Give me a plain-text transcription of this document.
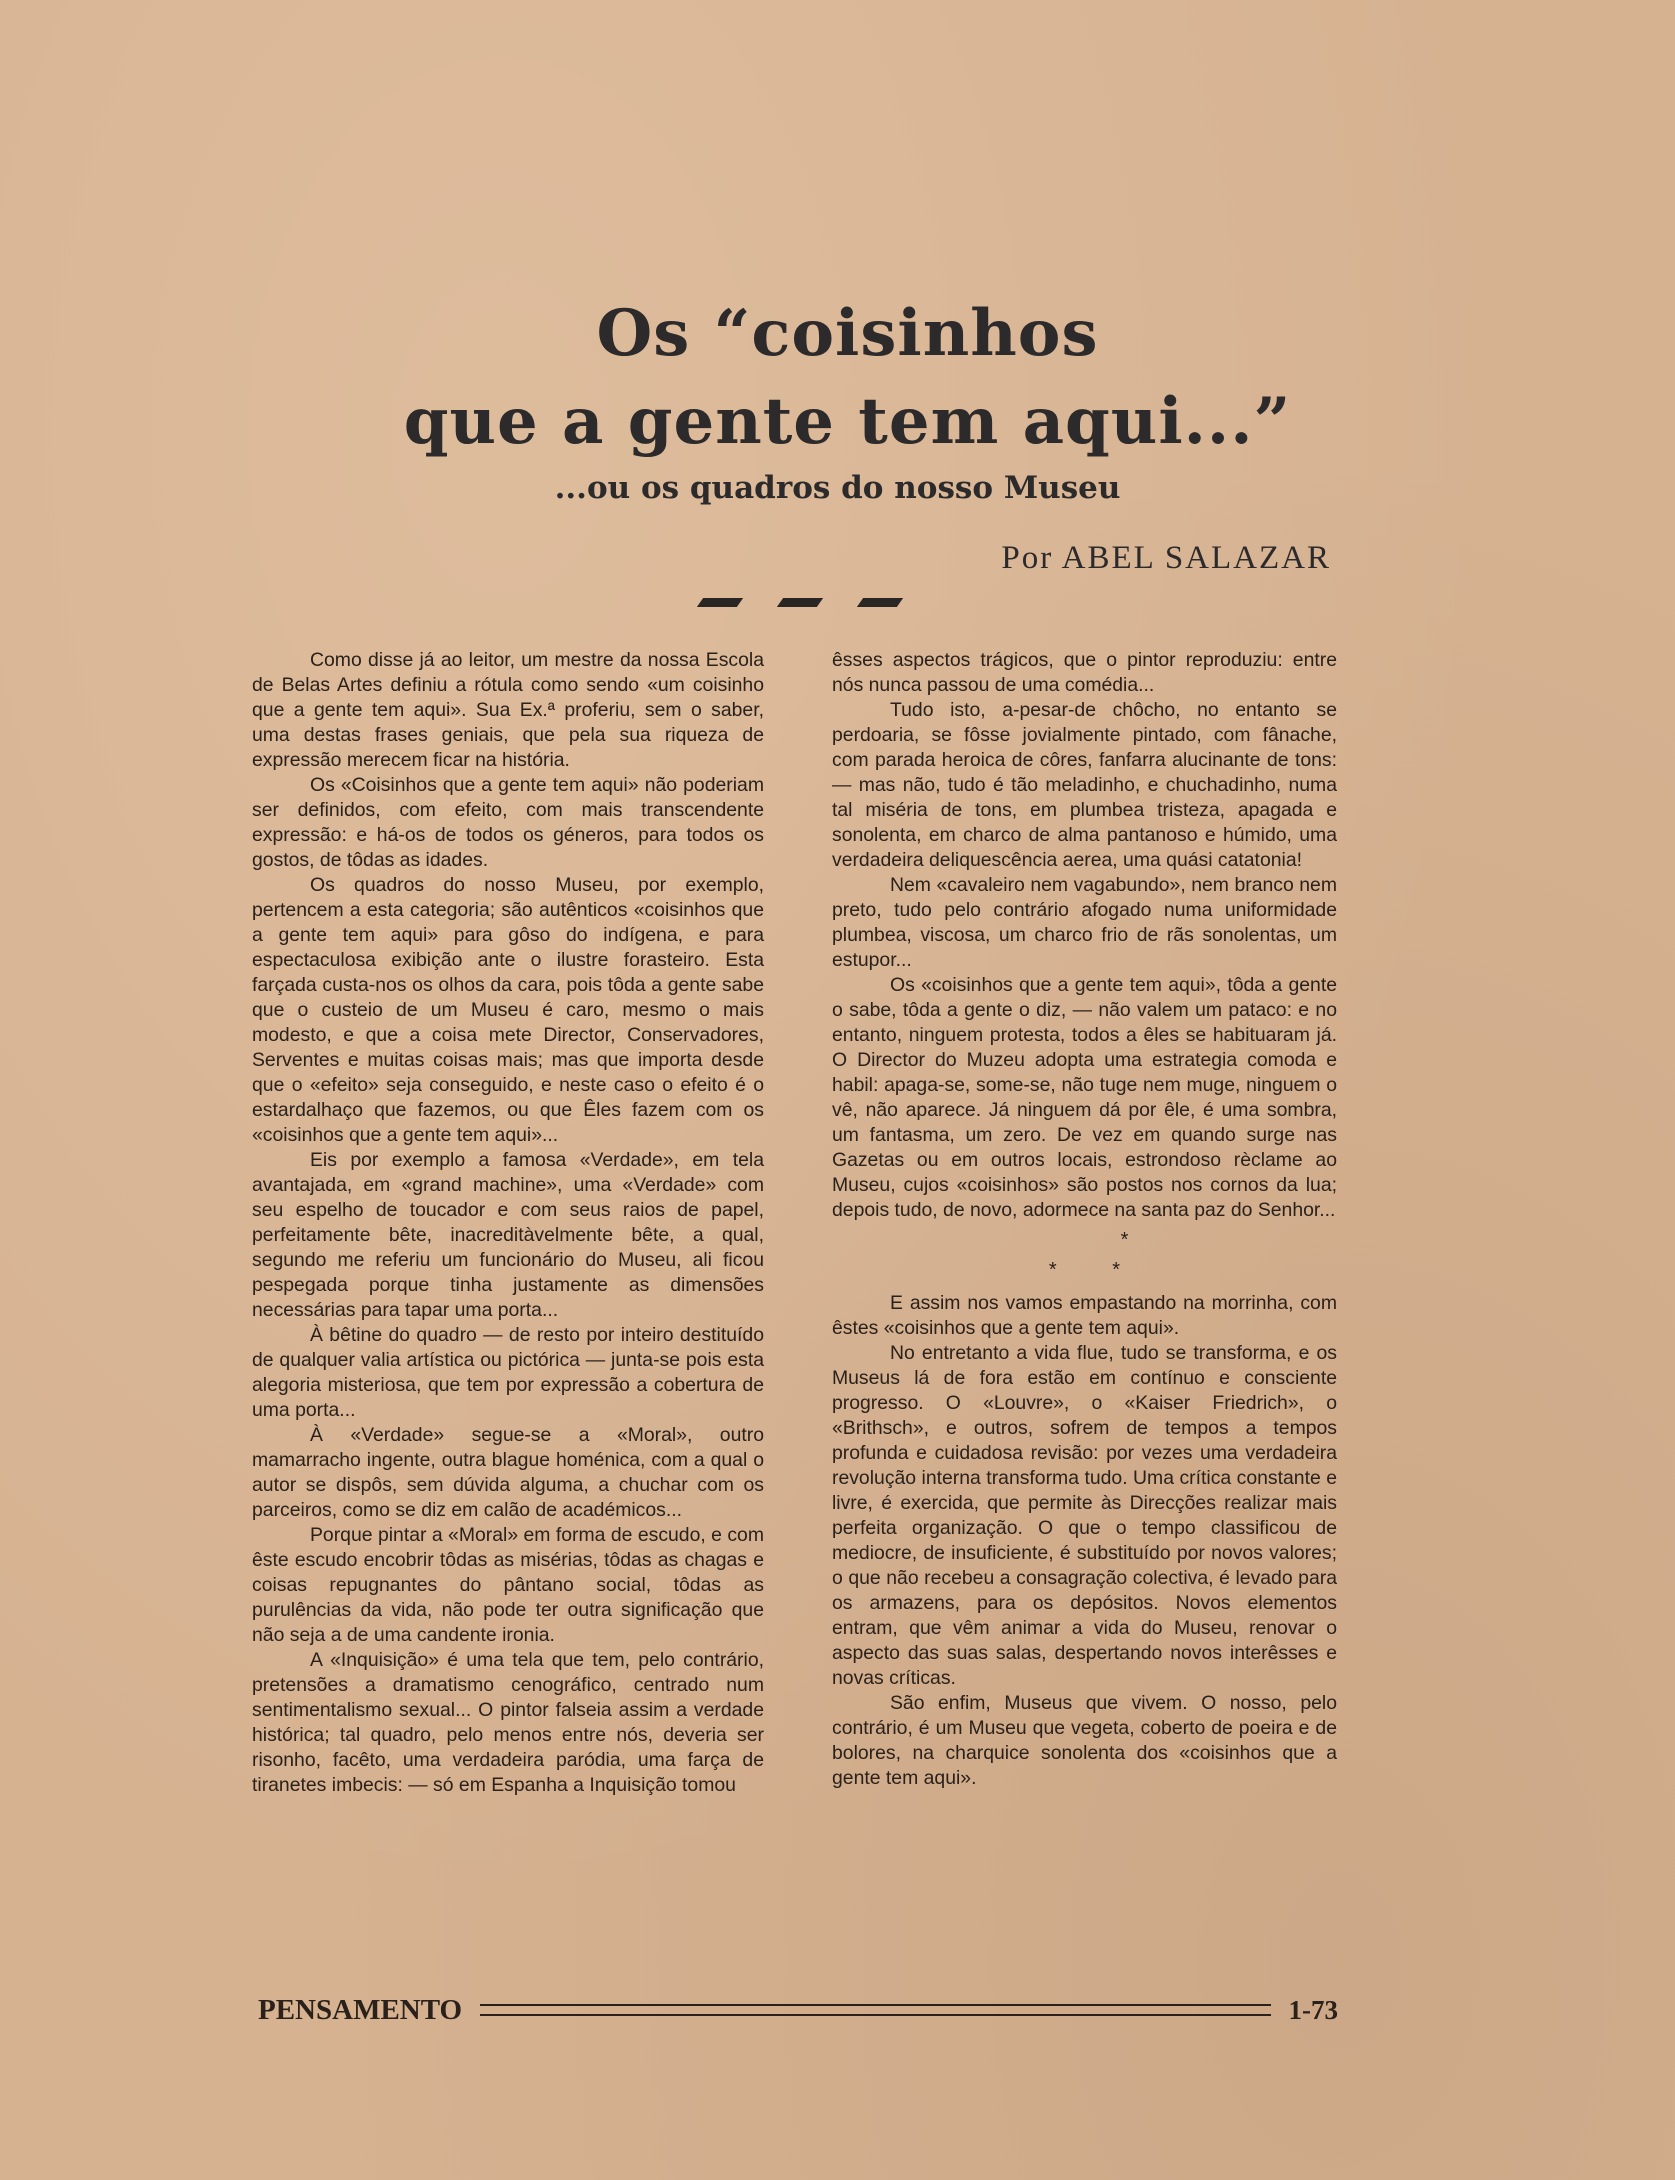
Os “coisinhos
que a gente tem aqui...”
...ou os quadros do nosso Museu
Por ABEL SALAZAR

Como disse já ao leitor, um mestre da nossa Escola de Belas Artes definiu a rótula como sendo «um coisinho que a gente tem aqui». Sua Ex.ª proferiu, sem o saber, uma destas frases geniais, que pela sua riqueza de expressão merecem ficar na história.

Os «Coisinhos que a gente tem aqui» não poderiam ser definidos, com efeito, com mais transcendente expressão: e há-os de todos os géneros, para todos os gostos, de tôdas as idades.

Os quadros do nosso Museu, por exemplo, pertencem a esta categoria; são autênticos «coisinhos que a gente tem aqui» para gôso do indígena, e para espectaculosa exibição ante o ilustre forasteiro. Esta farçada custa-nos os olhos da cara, pois tôda a gente sabe que o custeio de um Museu é caro, mesmo o mais modesto, e que a coisa mete Director, Conservadores, Serventes e muitas coisas mais; mas que importa desde que o «efeito» seja conseguido, e neste caso o efeito é o estardalhaço que fazemos, ou que Êles fazem com os «coisinhos que a gente tem aqui»...

Eis por exemplo a famosa «Verdade», em tela avantajada, em «grand machine», uma «Verdade» com seu espelho de toucador e com seus raios de papel, perfeitamente bête, inacreditàvelmente bête, a qual, segundo me referiu um funcionário do Museu, ali ficou pespegada porque tinha justamente as dimensões necessárias para tapar uma porta...

À bêtine do quadro — de resto por inteiro destituído de qualquer valia artística ou pictórica — junta-se pois esta alegoria misteriosa, que tem por expressão a cobertura de uma porta...

À «Verdade» segue-se a «Moral», outro mamarracho ingente, outra blague homénica, com a qual o autor se dispôs, sem dúvida alguma, a chuchar com os parceiros, como se diz em calão de académicos...

Porque pintar a «Moral» em forma de escudo, e com êste escudo encobrir tôdas as misérias, tôdas as chagas e coisas repugnantes do pântano social, tôdas as purulências da vida, não pode ter outra significação que não seja a de uma candente ironia.

A «Inquisição» é uma tela que tem, pelo contrário, pretensões a dramatismo cenográfico, centrado num sentimentalismo sexual... O pintor falseia assim a verdade histórica; tal quadro, pelo menos entre nós, deveria ser risonho, facêto, uma verdadeira paródia, uma farça de tiranetes imbecis: — só em Espanha a Inquisição tomou

êsses aspectos trágicos, que o pintor reproduziu: entre nós nunca passou de uma comédia...

Tudo isto, a-pesar-de chôcho, no entanto se perdoaria, se fôsse jovialmente pintado, com fânache, com parada heroica de côres, fanfarra alucinante de tons: — mas não, tudo é tão meladinho, e chuchadinho, numa tal miséria de tons, em plumbea tristeza, apagada e sonolenta, em charco de alma pantanoso e húmido, uma verdadeira deliquescência aerea, uma quási catatonia!

Nem «cavaleiro nem vagabundo», nem branco nem preto, tudo pelo contrário afogado numa uniformidade plumbea, viscosa, um charco frio de rãs sonolentas, um estupor...

Os «coisinhos que a gente tem aqui», tôda a gente o sabe, tôda a gente o diz, — não valem um pataco: e no entanto, ninguem protesta, todos a êles se habituaram já. O Director do Muzeu adopta uma estrategia comoda e habil: apaga-se, some-se, não tuge nem muge, ninguem o vê, não aparece. Já ninguem dá por êle, é uma sombra, um fantasma, um zero. De vez em quando surge nas Gazetas ou em outros locais, estrondoso rèclame ao Museu, cujos «coisinhos» são postos nos cornos da lua; depois tudo, de novo, adormece na santa paz do Senhor...

*
*          *

E assim nos vamos empastando na morrinha, com êstes «coisinhos que a gente tem aqui».

No entretanto a vida flue, tudo se transforma, e os Museus lá de fora estão em contínuo e consciente progresso. O «Louvre», o «Kaiser Friedrich», o «Brithsch», e outros, sofrem de tempos a tempos profunda e cuidadosa revisão: por vezes uma verdadeira revolução interna transforma tudo. Uma crítica constante e livre, é exercida, que permite às Direcções realizar mais perfeita organização. O que o tempo classificou de mediocre, de insuficiente, é substituído por novos valores; o que não recebeu a consagração colectiva, é levado para os armazens, para os depósitos. Novos elementos entram, que vêm animar a vida do Museu, renovar o aspecto das suas salas, despertando novos interêsses e novas críticas.

São enfim, Museus que vivem. O nosso, pelo contrário, é um Museu que vegeta, coberto de poeira e de bolores, na charquice sonolenta dos «coisinhos que a gente tem aqui».

PENSAMENTO	1-73
